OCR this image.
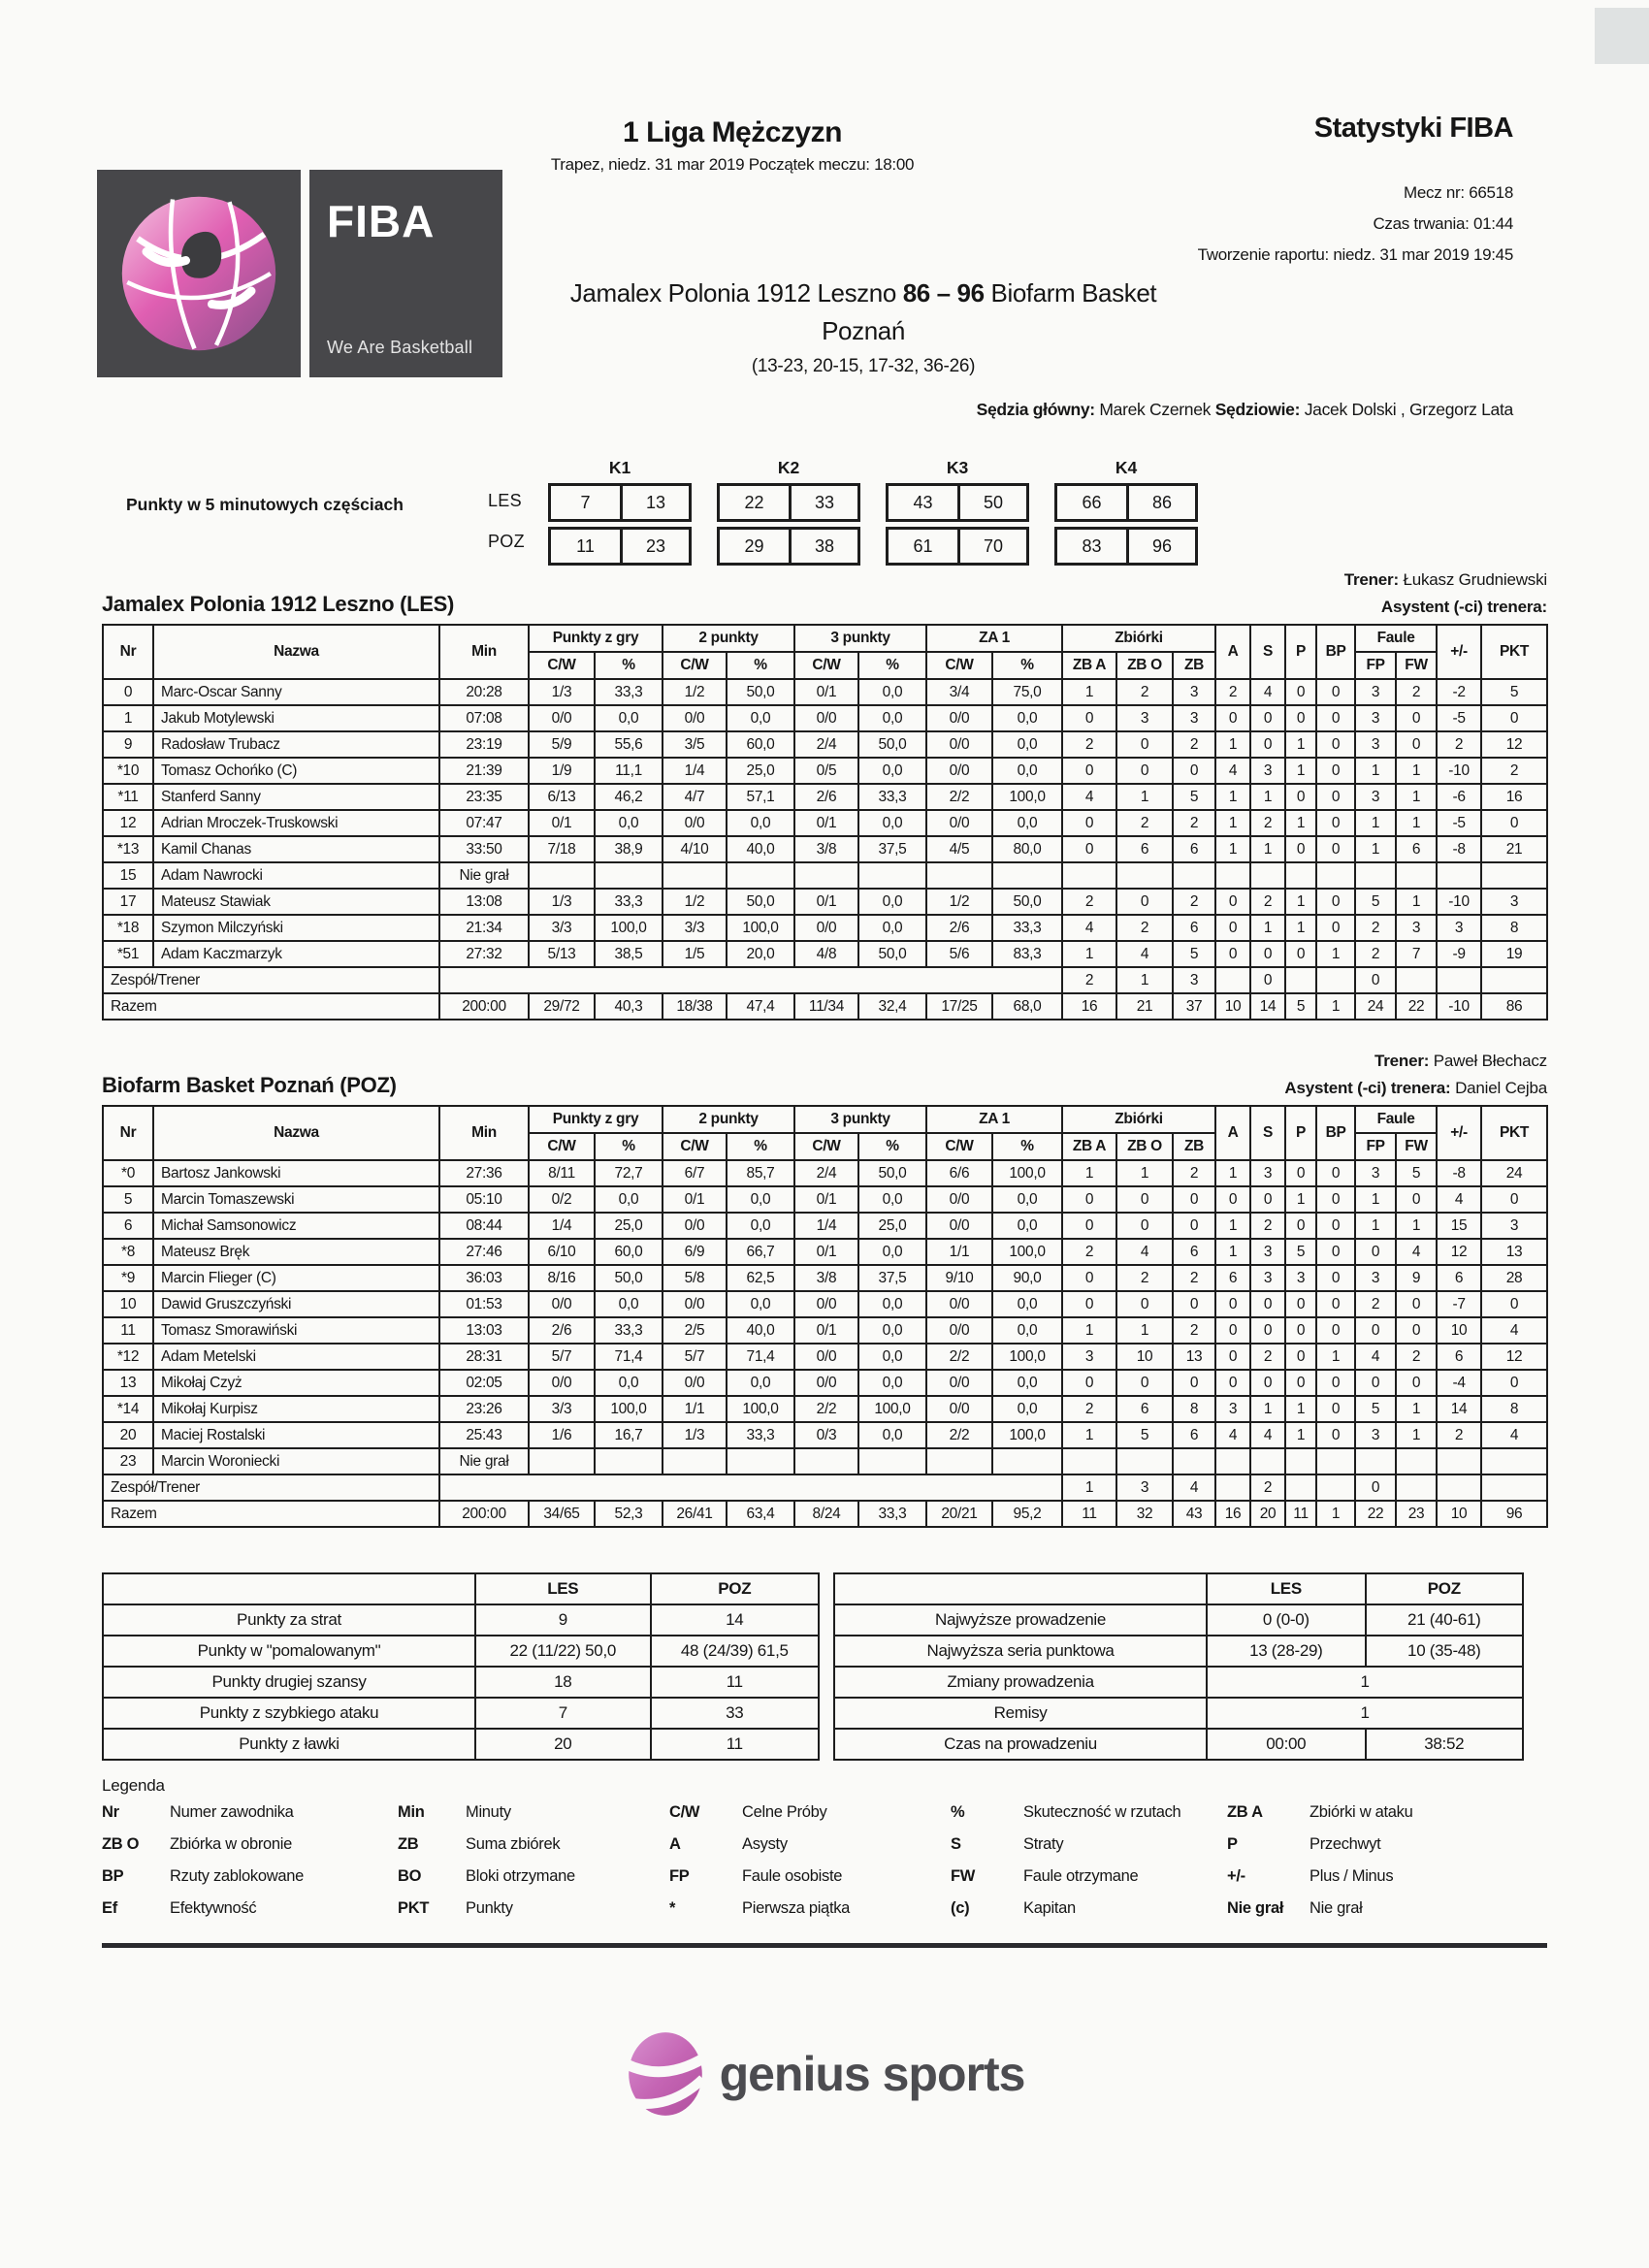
FIBA
We Are Basketball
1 Liga Mężczyzn
Trapez, niedz. 31 mar 2019 Początek meczu: 18:00
Statystyki FIBA
Mecz nr: 66518
Czas trwania: 01:44
Tworzenie raportu: niedz. 31 mar 2019 19:45
Jamalex Polonia 1912 Leszno 86 – 96 Biofarm Basket
Poznań
(13-23, 20-15, 17-32, 36-26)
Sędzia główny: Marek Czernek Sędziowie: Jacek Dolski , Grzegorz Lata
Punkty w 5 minutowych częściach	LES
POZ
K1	K2	K3	K4
7	13	22	33	43	50	66	86
11	23	29	38	61	70	83	96
Trener: Łukasz Grudniewski
Jamalex Polonia 1912 Leszno (LES)	Asystent (-ci) trenera:
Nr	Nazwa	Min	Punkty z gry		2 punkty		3 punkty		ZA 1		Zbiórki			A	S	P	BP	Faule		+/-	PKT
			C/W	%	C/W	%	C/W	%	C/W	%	ZB A	ZB O	ZB					FP	FW		
0	Marc-Oscar Sanny	20:28	1/3	33,3	1/2	50,0	0/1	0,0	3/4	75,0	1	2	3	2	4	0	0	3	2	-2	5
1	Jakub Motylewski	07:08	0/0	0,0	0/0	0,0	0/0	0,0	0/0	0,0	0	3	3	0	0	0	0	3	0	-5	0
9	Radosław Trubacz	23:19	5/9	55,6	3/5	60,0	2/4	50,0	0/0	0,0	2	0	2	1	0	1	0	3	0	2	12
*10	Tomasz Ochońko (C)	21:39	1/9	11,1	1/4	25,0	0/5	0,0	0/0	0,0	0	0	0	4	3	1	0	1	1	-10	2
*11	Stanferd Sanny	23:35	6/13	46,2	4/7	57,1	2/6	33,3	2/2	100,0	4	1	5	1	1	0	0	3	1	-6	16
12	Adrian Mroczek-Truskowski	07:47	0/1	0,0	0/0	0,0	0/1	0,0	0/0	0,0	0	2	2	1	2	1	0	1	1	-5	0
*13	Kamil Chanas	33:50	7/18	38,9	4/10	40,0	3/8	37,5	4/5	80,0	0	6	6	1	1	0	0	1	6	-8	21
15	Adam Nawrocki	Nie grał																			
17	Mateusz Stawiak	13:08	1/3	33,3	1/2	50,0	0/1	0,0	1/2	50,0	2	0	2	0	2	1	0	5	1	-10	3
*18	Szymon Milczyński	21:34	3/3	100,0	3/3	100,0	0/0	0,0	2/6	33,3	4	2	6	0	1	1	0	2	3	3	8
*51	Adam Kaczmarzyk	27:32	5/13	38,5	1/5	20,0	4/8	50,0	5/6	83,3	1	4	5	0	0	0	1	2	7	-9	19
Zespół/Trener											2	1	3		0			0			
Razem		200:00	29/72	40,3	18/38	47,4	11/34	32,4	17/25	68,0	16	21	37	10	14	5	1	24	22	-10	86
Trener: Paweł Błechacz
Biofarm Basket Poznań (POZ)	Asystent (-ci) trenera: Daniel Cejba
Nr	Nazwa	Min	Punkty z gry		2 punkty		3 punkty		ZA 1		Zbiórki			A	S	P	BP	Faule		+/-	PKT
			C/W	%	C/W	%	C/W	%	C/W	%	ZB A	ZB O	ZB					FP	FW		
*0	Bartosz Jankowski	27:36	8/11	72,7	6/7	85,7	2/4	50,0	6/6	100,0	1	1	2	1	3	0	0	3	5	-8	24
5	Marcin Tomaszewski	05:10	0/2	0,0	0/1	0,0	0/1	0,0	0/0	0,0	0	0	0	0	0	1	0	1	0	4	0
6	Michał Samsonowicz	08:44	1/4	25,0	0/0	0,0	1/4	25,0	0/0	0,0	0	0	0	1	2	0	0	1	1	15	3
*8	Mateusz Bręk	27:46	6/10	60,0	6/9	66,7	0/1	0,0	1/1	100,0	2	4	6	1	3	5	0	0	4	12	13
*9	Marcin Flieger (C)	36:03	8/16	50,0	5/8	62,5	3/8	37,5	9/10	90,0	0	2	2	6	3	3	0	3	9	6	28
10	Dawid Gruszczyński	01:53	0/0	0,0	0/0	0,0	0/0	0,0	0/0	0,0	0	0	0	0	0	0	0	2	0	-7	0
11	Tomasz Smorawiński	13:03	2/6	33,3	2/5	40,0	0/1	0,0	0/0	0,0	1	1	2	0	0	0	0	0	0	10	4
*12	Adam Metelski	28:31	5/7	71,4	5/7	71,4	0/0	0,0	2/2	100,0	3	10	13	0	2	0	1	4	2	6	12
13	Mikołaj Czyż	02:05	0/0	0,0	0/0	0,0	0/0	0,0	0/0	0,0	0	0	0	0	0	0	0	0	0	-4	0
*14	Mikołaj Kurpisz	23:26	3/3	100,0	1/1	100,0	2/2	100,0	0/0	0,0	2	6	8	3	1	1	0	5	1	14	8
20	Maciej Rostalski	25:43	1/6	16,7	1/3	33,3	0/3	0,0	2/2	100,0	1	5	6	4	4	1	0	3	1	2	4
23	Marcin Woroniecki	Nie grał																			
Zespół/Trener											1	3	4		2			0			
Razem		200:00	34/65	52,3	26/41	63,4	8/24	33,3	20/21	95,2	11	32	43	16	20	11	1	22	23	10	96
	LES	POZ
Punkty za strat	9	14
Punkty w "pomalowanym"	22 (11/22) 50,0	48 (24/39) 61,5
Punkty drugiej szansy	18	11
Punkty z szybkiego ataku	7	33
Punkty z ławki	20	11
	LES	POZ
Najwyższe prowadzenie	0 (0-0)	21 (40-61)
Najwyższa seria punktowa	13 (28-29)	10 (35-48)
Zmiany prowadzenia	1	
Remisy	1	
Czas na prowadzeniu	00:00	38:52
Legenda
Nr	Numer zawodnika	Min	Minuty	C/W	Celne Próby	%	Skuteczność w rzutach	ZB A	Zbiórki w ataku
ZB O	Zbiórka w obronie	ZB	Suma zbiórek	A	Asysty	S	Straty	P	Przechwyt
BP	Rzuty zablokowane	BO	Bloki otrzymane	FP	Faule osobiste	FW	Faule otrzymane	+/-	Plus / Minus
Ef	Efektywność	PKT	Punkty	*	Pierwsza piątka	(c)	Kapitan	Nie grał	Nie grał
genius sports
